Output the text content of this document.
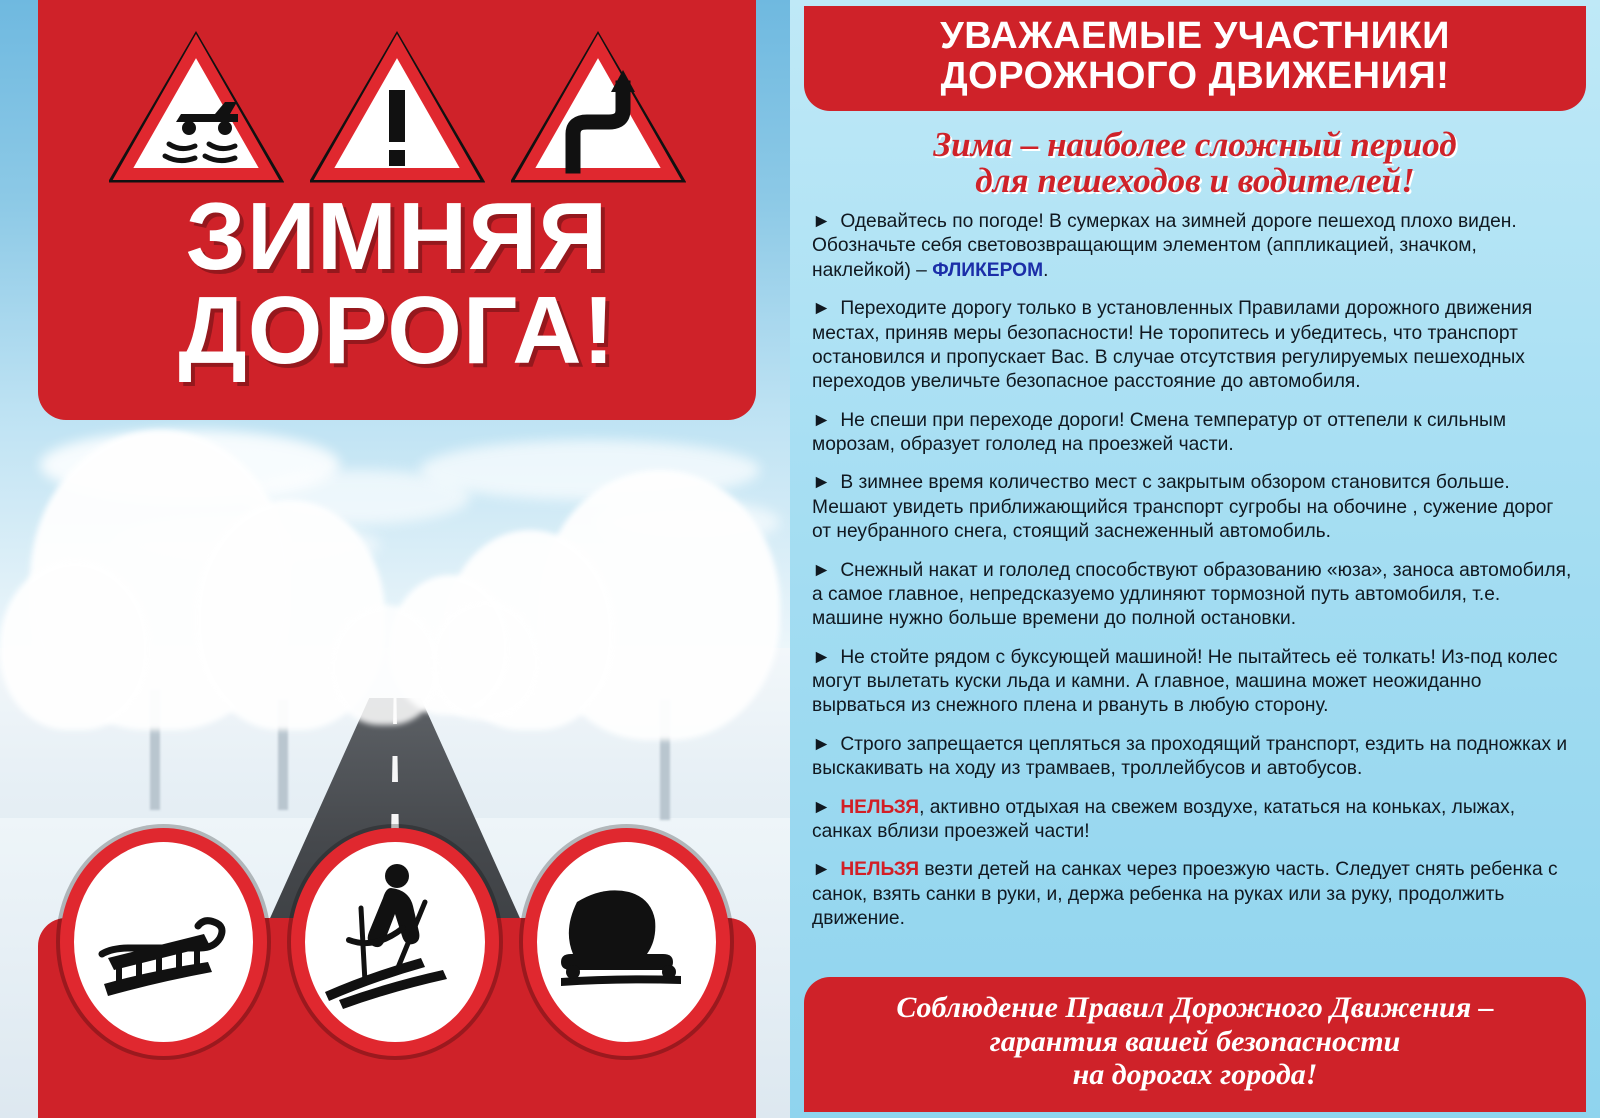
ЗИМНЯЯ
ДОРОГА!
УВАЖАЕМЫЕ УЧАСТНИКИ
ДОРОЖНОГО ДВИЖЕНИЯ!
Зима – наиболее сложный период
для пешеходов и водителей!
► Одевайтесь по погоде! В сумерках на зимней дороге пешеход плохо виден. Обозначьте себя световозвращающим элементом (аппликацией, значком, наклейкой) – ФЛИКЕРОМ.
► Переходите дорогу только в установленных Правилами дорожного движения местах, приняв меры безопасности! Не торопитесь и убедитесь, что транспорт остановился и пропускает Вас. В случае отсутствия регулируемых пешеходных переходов увеличьте безопасное расстояние до автомобиля.
► Не спеши при переходе дороги! Смена температур от оттепели к сильным морозам, образует гололед на проезжей части.
► В зимнее время количество мест с закрытым обзором становится больше. Мешают увидеть приближающийся транспорт сугробы на обочине , сужение дорог от неубранного снега, стоящий заснеженный автомобиль.
► Снежный накат и гололед способствуют образованию «юза», заноса автомобиля, а самое главное, непредсказуемо удлиняют тормозной путь автомобиля, т.е. машине нужно больше времени до полной остановки.
► Не стойте рядом с буксующей машиной! Не пытайтесь её толкать! Из-под колес могут вылетать куски льда и камни. А главное, машина может неожиданно вырваться из снежного плена и рвануть в любую сторону.
► Строго запрещается цепляться за проходящий транспорт, ездить на подножках и выскакивать на ходу из трамваев, троллейбусов и автобусов.
► НЕЛЬЗЯ, активно отдыхая на свежем воздухе, кататься на коньках, лыжах, санках вблизи проезжей части!
► НЕЛЬЗЯ везти детей на санках через проезжую часть. Следует снять ребенка с санок, взять санки в руки, и, держа ребенка на руках или за руку, продолжить движение.
Соблюдение Правил Дорожного Движения –
гарантия вашей безопасности
на дорогах города!
